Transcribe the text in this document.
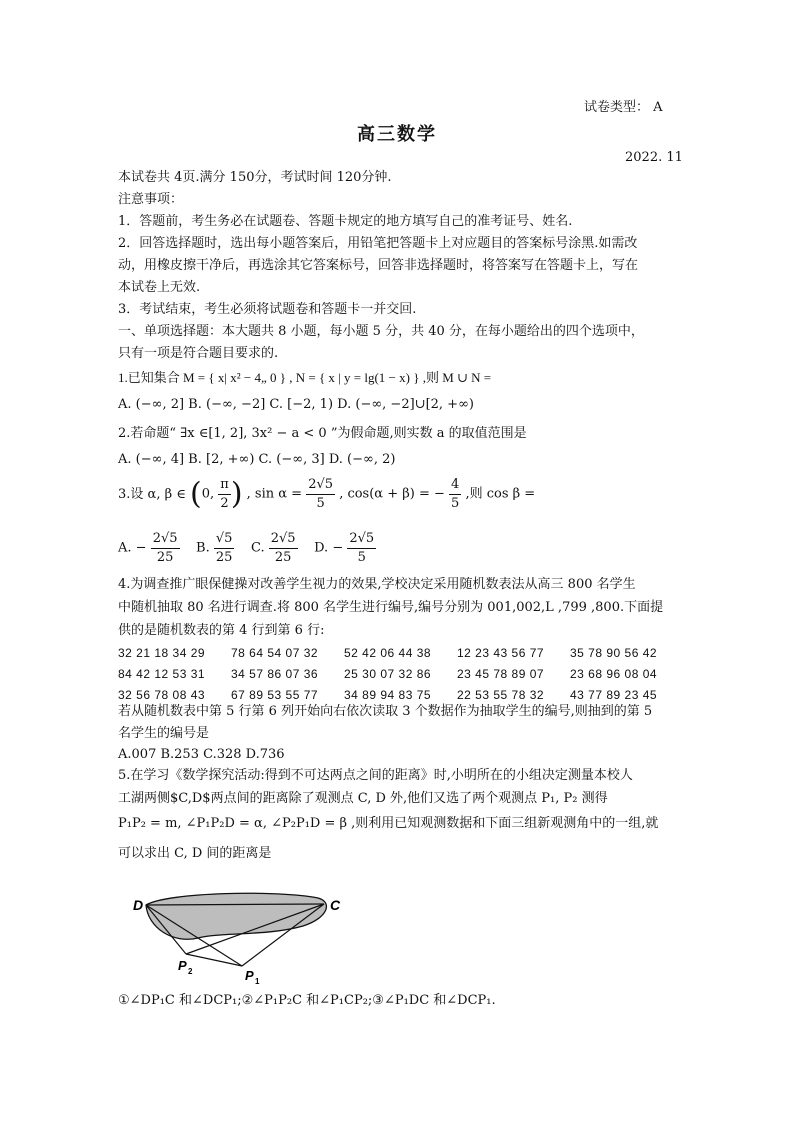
试卷类型： A
高三数学
2022. 11
本试卷共 4页.满分 150分，考试时间 120分钟.
注意事项：
1．答题前，考生务必在试题卷、答题卡规定的地方填写自己的准考证号、姓名.
2．回答选择题时，选出每小题答案后，用铅笔把答题卡上对应题目的答案标号涂黑.如需改
动，用橡皮擦干净后，再选涂其它答案标号，回答非选择题时，将答案写在答题卡上，写在
本试卷上无效.
3．考试结束，考生必须将试题卷和答题卡一并交回.
一、单项选择题：本大题共 8 小题，每小题 5 分，共 40 分，在每小题给出的四个选项中，
只有一项是符合题目要求的.
1.已知集合 M = { x| x² − 4„ 0 } , N = { x | y = lg(1 − x) } ,则 M ∪ N =
A. (−∞, 2] B. (−∞, −2] C. [−2, 1) D. (−∞, −2]∪[2, +∞)
2.若命题“ ∃x ∈[1, 2], 3x² − a < 0 ”为假命题,则实数 a 的取值范围是
A. (−∞, 4] B. [2, +∞) C. (−∞, 3] D. (−∞, 2)
3.设 α, β ∈ (0, $\frac{\pi}{2}$ ) , $\sin \alpha = \frac{2√5}{5}$ , cos(α + β) = − $\frac{4}{5}$ ,则 cos β =
A. − $\frac{2√5}{25} B$. $\frac{√5}{25} C$. $\frac{2√5}{25} D$. − $\frac{2√5}{5}$
4.为调查推广眼保健操对改善学生视力的效果,学校决定采用随机数表法从高三 800 名学生
中随机抽取 80 名进行调查.将 800 名学生进行编号,编号分别为 001,002,L ,799 ,800.下面提
供的是随机数表的第 4 行到第 6 行:
32 21 18 34 29 78 64 54 07 32 52 42 06 44 38 12 23 43 56 77 35 78 90 56 42
84 42 12 53 31 34 57 86 07 36 25 30 07 32 86 23 45 78 89 07 23 68 96 08 04
32 56 78 08 43 67 89 53 55 77 34 89 94 83 75 22 53 55 78 32 43 77 89 23 45
若从随机数表中第 5 行第 6 列开始向右依次读取 3 个数据作为抽取学生的编号,则抽到的第 5
名学生的编号是
A.007 B.253 C.328 D.736
5.在学习《数学探究活动:得到不可达两点之间的距离》时,小明所在的小组决定测量本校人
工湖两侧$C,D$两点间的距离除了观测点 C, D 外,他们又选了两个观测点 P₁, P₂ 测得
P₁P₂ = m, ∠P₁P₂D = α, ∠P₂P₁D = β ,则利用已知观测数据和下面三组新观测角中的一组,就
可以求出 C, D 间的距离是
D	C
P 2	P 1
①∠DP₁C 和∠DCP₁;②∠P₁P₂C 和∠P₁CP₂;③∠P₁DC 和∠DCP₁.
